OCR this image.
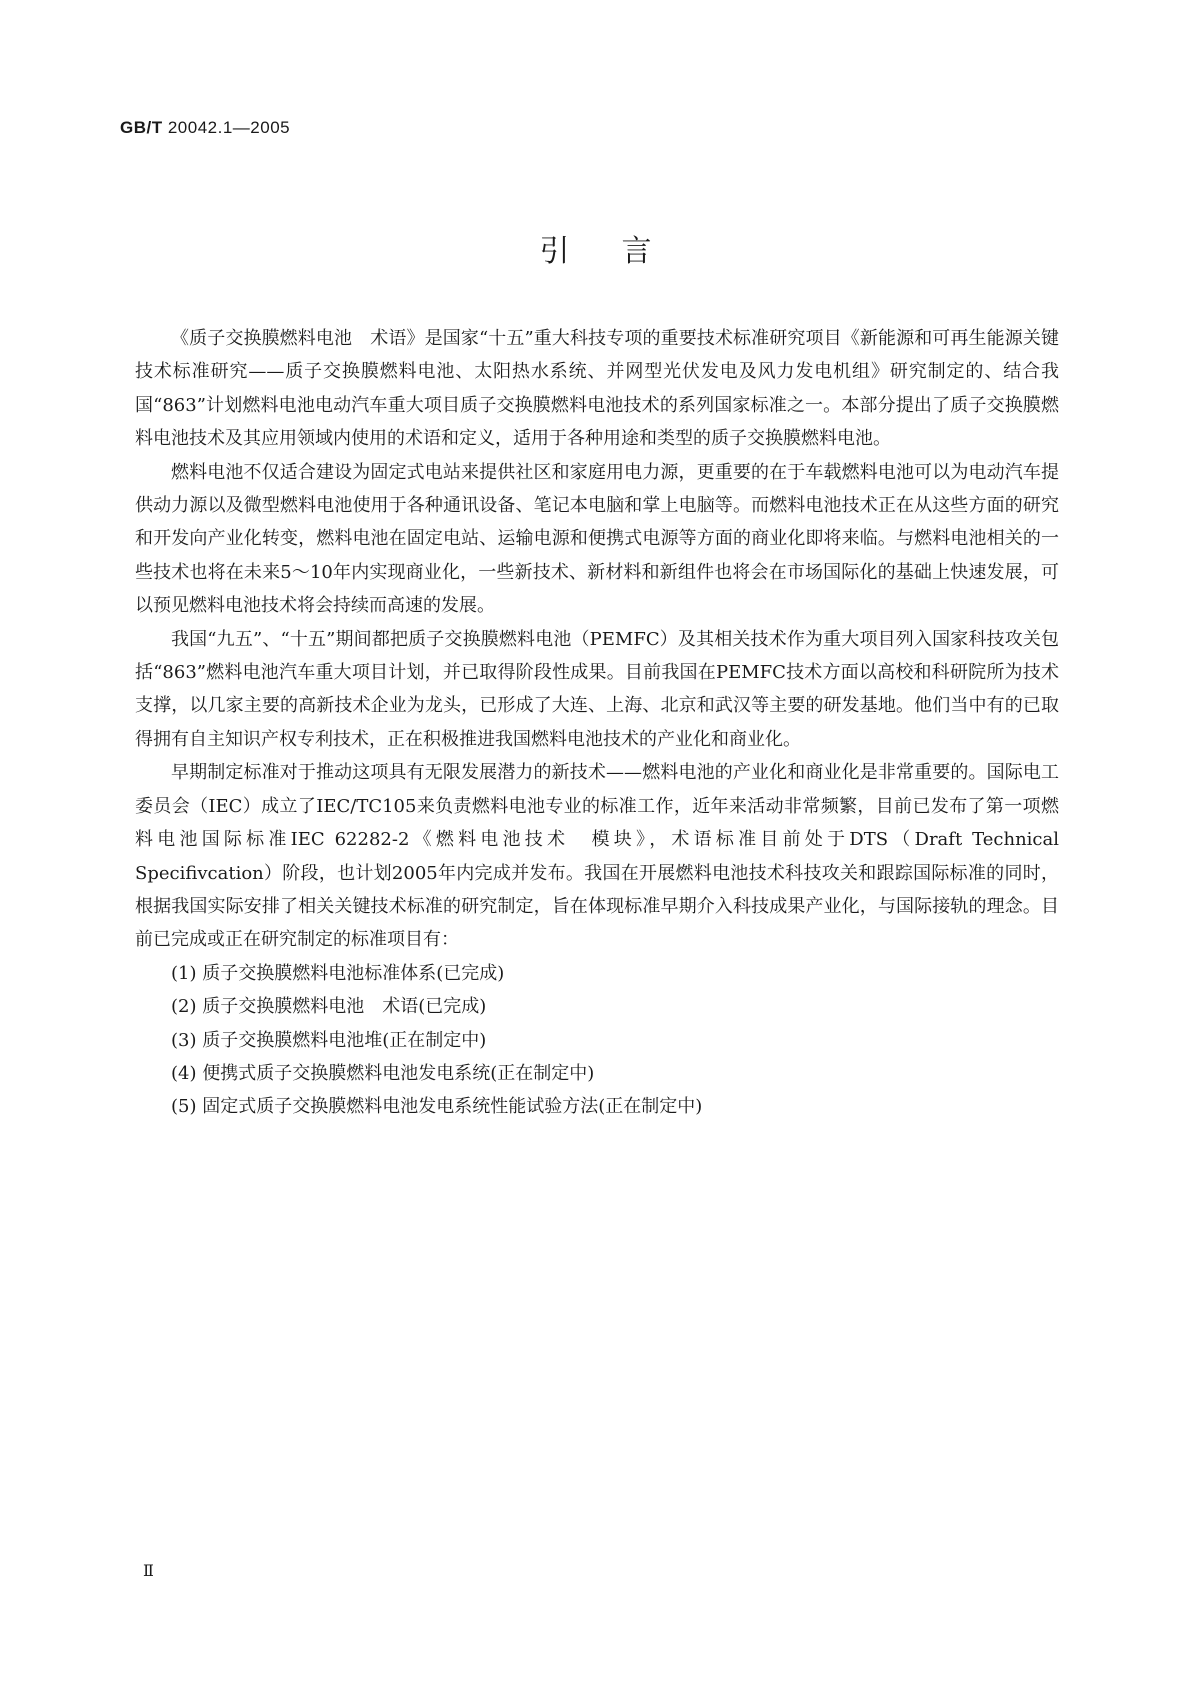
GB/T 20042.1—2005
引言

《质子交换膜燃料电池　术语》是国家“十五”重大科技专项的重要技术标准研究项目《新能源和可再生能源关键技术标准研究——质子交换膜燃料电池、太阳热水系统、并网型光伏发电及风力发电机组》研究制定的、结合我国“863”计划燃料电池电动汽车重大项目质子交换膜燃料电池技术的系列国家标准之一。本部分提出了质子交换膜燃料电池技术及其应用领域内使用的术语和定义，适用于各种用途和类型的质子交换膜燃料电池。

燃料电池不仅适合建设为固定式电站来提供社区和家庭用电力源，更重要的在于车载燃料电池可以为电动汽车提供动力源以及微型燃料电池使用于各种通讯设备、笔记本电脑和掌上电脑等。而燃料电池技术正在从这些方面的研究和开发向产业化转变，燃料电池在固定电站、运输电源和便携式电源等方面的商业化即将来临。与燃料电池相关的一些技术也将在未来5～10年内实现商业化，一些新技术、新材料和新组件也将会在市场国际化的基础上快速发展，可以预见燃料电池技术将会持续而高速的发展。

我国“九五”、“十五”期间都把质子交换膜燃料电池（PEMFC）及其相关技术作为重大项目列入国家科技攻关包括“863”燃料电池汽车重大项目计划，并已取得阶段性成果。目前我国在PEMFC技术方面以高校和科研院所为技术支撑，以几家主要的高新技术企业为龙头，已形成了大连、上海、北京和武汉等主要的研发基地。他们当中有的已取得拥有自主知识产权专利技术，正在积极推进我国燃料电池技术的产业化和商业化。

早期制定标准对于推动这项具有无限发展潜力的新技术——燃料电池的产业化和商业化是非常重要的。国际电工委员会（IEC）成立了IEC/TC105来负责燃料电池专业的标准工作，近年来活动非常频繁，目前已发布了第一项燃料电池国际标准IEC 62282-2《燃料电池技术　模块》，术语标准目前处于DTS（Draft Technical Specifivcation）阶段，也计划2005年内完成并发布。我国在开展燃料电池技术科技攻关和跟踪国际标准的同时，根据我国实际安排了相关关键技术标准的研究制定，旨在体现标准早期介入科技成果产业化，与国际接轨的理念。目前已完成或正在研究制定的标准项目有：

(1) 质子交换膜燃料电池标准体系(已完成)
(2) 质子交换膜燃料电池　术语(已完成)
(3) 质子交换膜燃料电池堆(正在制定中)
(4) 便携式质子交换膜燃料电池发电系统(正在制定中)
(5) 固定式质子交换膜燃料电池发电系统性能试验方法(正在制定中)
Ⅱ
